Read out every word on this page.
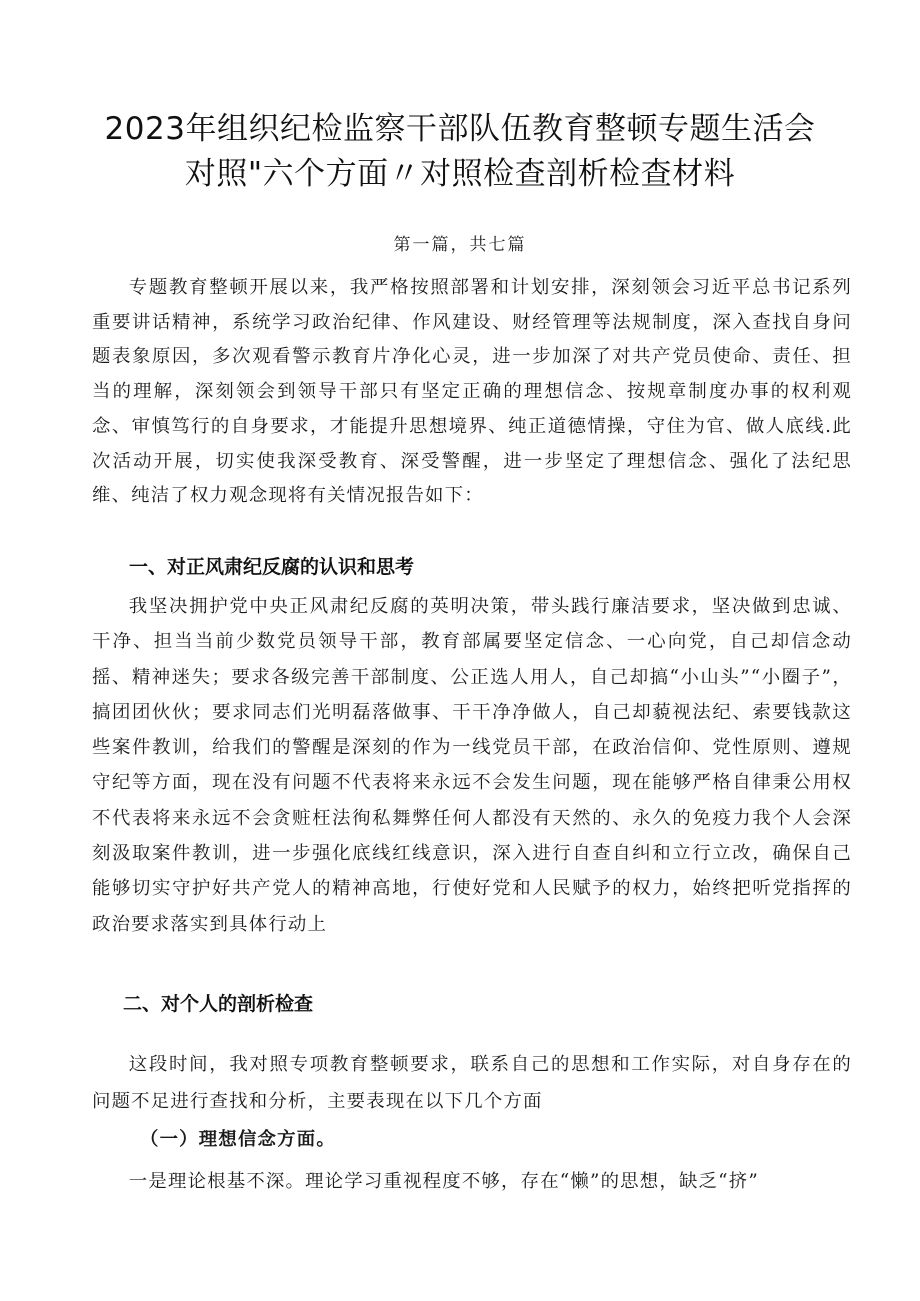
2023年组织纪检监察干部队伍教育整顿专题生活会对照"六个方面〃对照检查剖析检查材料
第一篇，共七篇

专题教育整顿开展以来，我严格按照部署和计划安排，深刻领会习近平总书记系列重要讲话精神，系统学习政治纪律、作风建设、财经管理等法规制度，深入查找自身问题表象原因，多次观看警示教育片净化心灵，进一步加深了对共产党员使命、责任、担当的理解，深刻领会到领导干部只有坚定正确的理想信念、按规章制度办事的权利观念、审慎笃行的自身要求，才能提升思想境界、纯正道德情操，守住为官、做人底线.此次活动开展，切实使我深受教育、深受警醒，进一步坚定了理想信念、强化了法纪思维、纯洁了权力观念现将有关情况报告如下：

一、对正风肃纪反腐的认识和思考

我坚决拥护党中央正风肃纪反腐的英明决策，带头践行廉洁要求，坚决做到忠诚、干净、担当当前少数党员领导干部，教育部属要坚定信念、一心向党，自己却信念动摇、精神迷失；要求各级完善干部制度、公正选人用人，自己却搞“小山头”“小圈子”，搞团团伙伙；要求同志们光明磊落做事、干干净净做人，自己却藐视法纪、索要钱款这些案件教训，给我们的警醒是深刻的作为一线党员干部，在政治信仰、党性原则、遵规守纪等方面，现在没有问题不代表将来永远不会发生问题，现在能够严格自律秉公用权不代表将来永远不会贪赃枉法徇私舞弊任何人都没有天然的、永久的免疫力我个人会深刻汲取案件教训，进一步强化底线红线意识，深入进行自查自纠和立行立改，确保自己能够切实守护好共产党人的精神高地，行使好党和人民赋予的权力，始终把听党指挥的政治要求落实到具体行动上

二、对个人的剖析检查

这段时间，我对照专项教育整顿要求，联系自己的思想和工作实际，对自身存在的问题不足进行查找和分析，主要表现在以下几个方面

（一）理想信念方面。

一是理论根基不深。理论学习重视程度不够，存在“懒”的思想，缺乏“挤”
